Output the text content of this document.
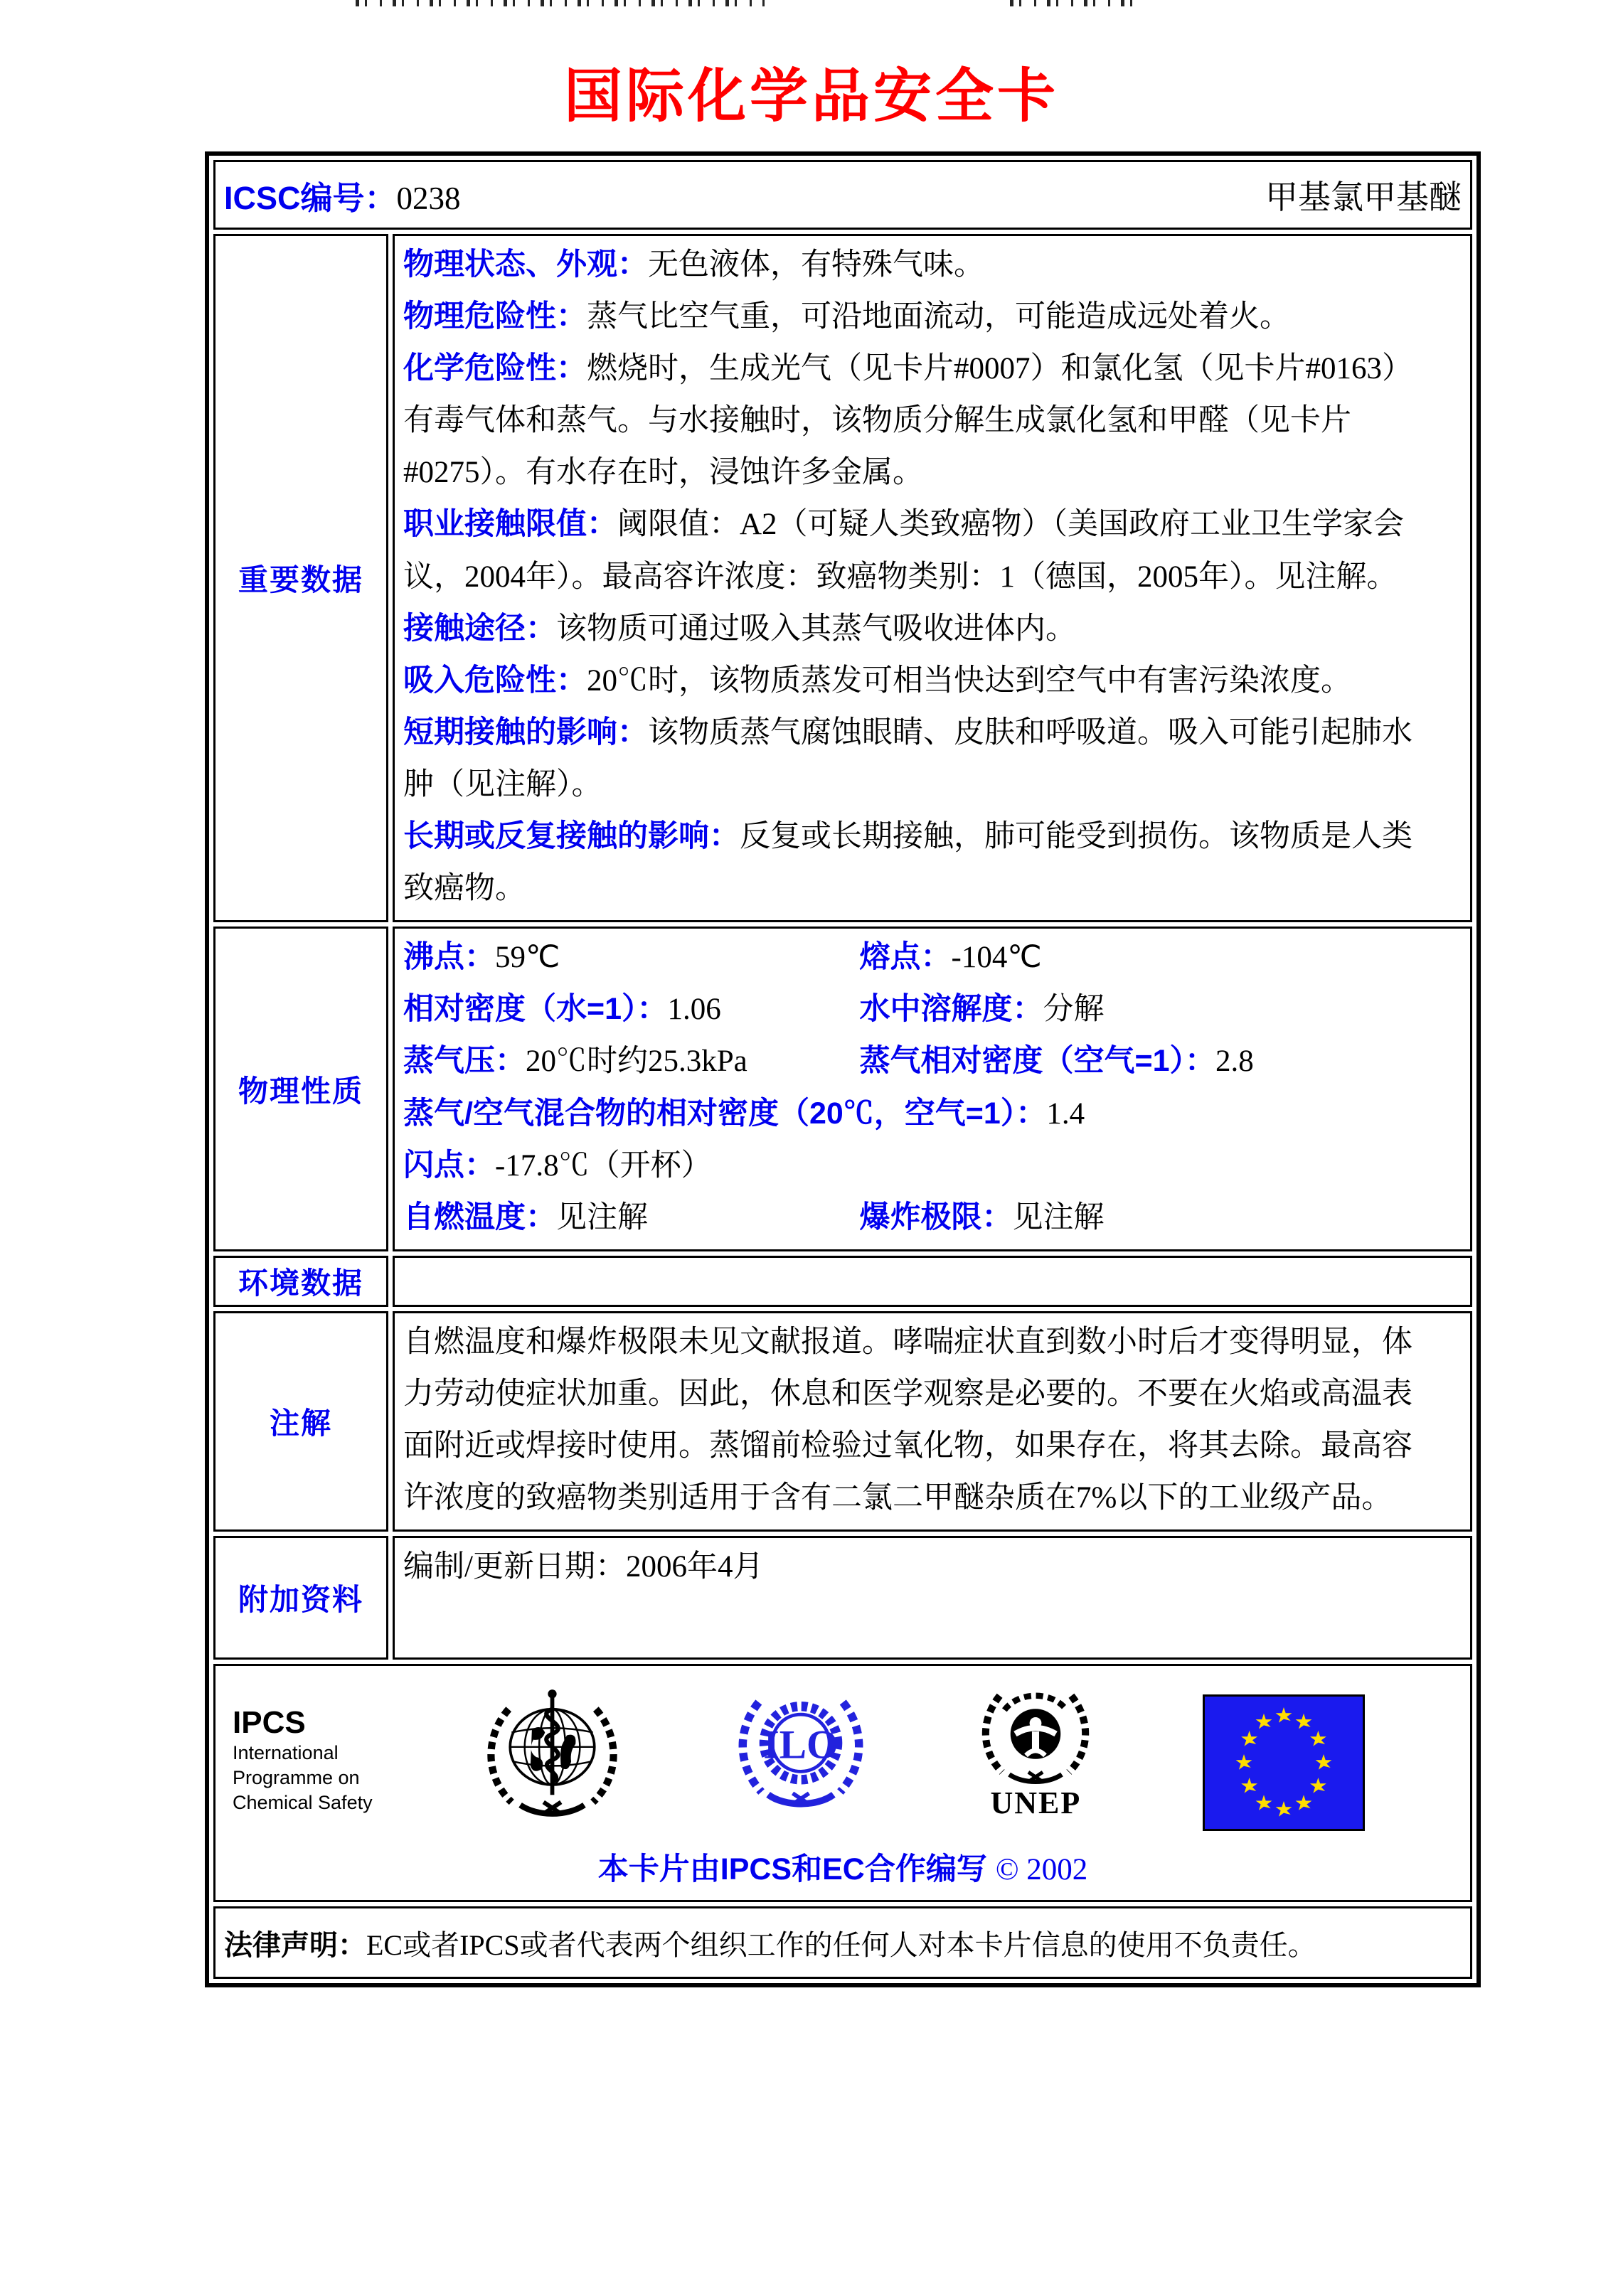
国际化学品安全卡
ICSC编号：0238 甲基氯甲基醚	

重要数据	
物理状态、外观：无色液体，有特殊气味。
物理危险性：蒸气比空气重，可沿地面流动，可能造成远处着火。
化学危险性：燃烧时，生成光气（见卡片#0007）和氯化氢（见卡片#0163）有毒气体和蒸气。与水接触时，该物质分解生成氯化氢和甲醛（见卡片#0275）。有水存在时，浸蚀许多金属。
职业接触限值：阈限值：A2（可疑人类致癌物）（美国政府工业卫生学家会议，2004年）。最高容许浓度：致癌物类别：1（德国，2005年）。见注解。
接触途径：该物质可通过吸入其蒸气吸收进体内。
吸入危险性：20℃时，该物质蒸发可相当快达到空气中有害污染浓度。
短期接触的影响：该物质蒸气腐蚀眼睛、皮肤和呼吸道。吸入可能引起肺水肿（见注解）。
长期或反复接触的影响：反复或长期接触，肺可能受到损伤。该物质是人类致癌物。

物理性质	
沸点：59℃	熔点：-104℃
相对密度（水=1）：1.06	水中溶解度：分解
蒸气压：20℃时约25.3kPa	蒸气相对密度（空气=1）：2.8
蒸气/空气混合物的相对密度（20℃，空气=1）：1.4
闪点：-17.8℃（开杯）
自燃温度：见注解	爆炸极限：见注解

环境数据	
注解	自燃温度和爆炸极限未见文献报道。哮喘症状直到数小时后才变得明显，体力劳动使症状加重。因此，休息和医学观察是必要的。不要在火焰或高温表面附近或焊接时使用。蒸馏前检验过氧化物，如果存在，将其去除。最高容许浓度的致癌物类别适用于含有二氯二甲醚杂质在7%以下的工业级产品。

附加资料	编制/更新日期：2006年4月

IPCS
International
Programme on
Chemical Safety
ILO
UNEP
本卡片由IPCS和EC合作编写 © 2002

法律声明：EC或者IPCS或者代表两个组织工作的任何人对本卡片信息的使用不负责任。	
